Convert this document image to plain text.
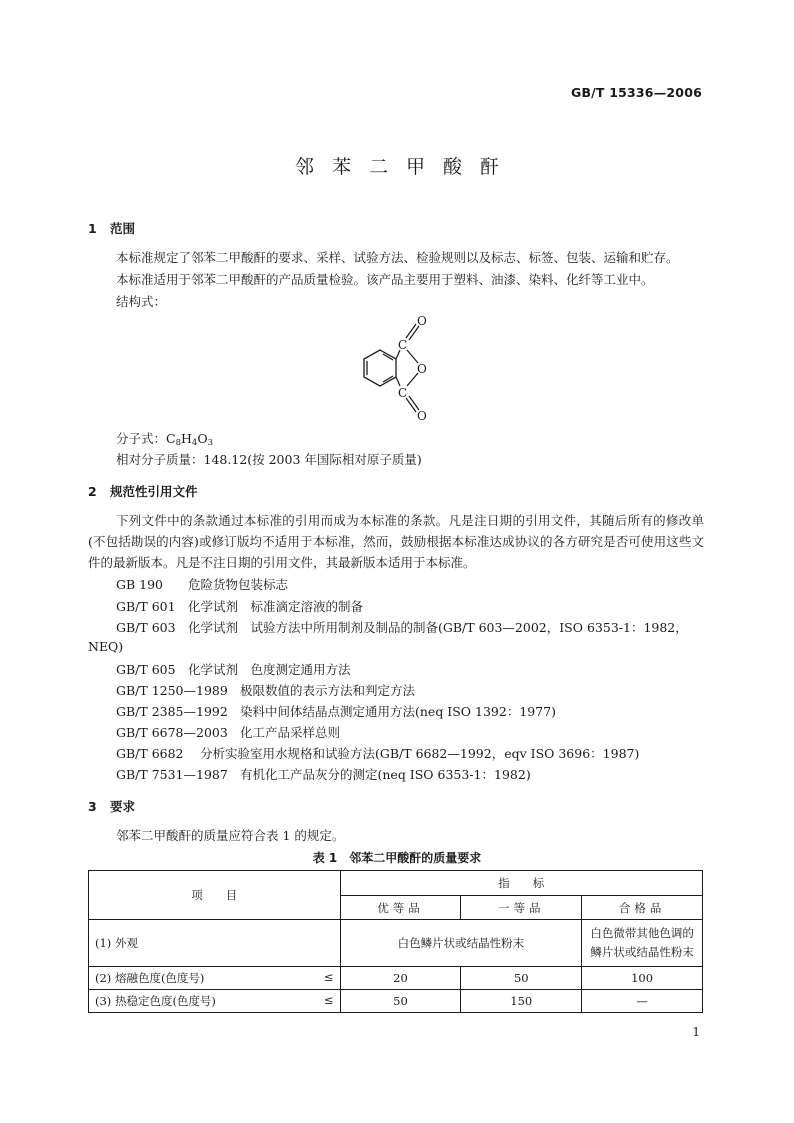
GB/T 15336—2006
邻苯二甲酸酐
1 范围
本标准规定了邻苯二甲酸酐的要求、采样、试验方法、检验规则以及标志、标签、包装、运输和贮存。
本标准适用于邻苯二甲酸酐的产品质量检验。该产品主要用于塑料、油漆、染料、化纤等工业中。
结构式：
O
C
O
C
O
分子式：$C_8H_4O_3$
相对分子质量：148.12(按 2003 年国际相对原子质量)
2 规范性引用文件
下列文件中的条款通过本标准的引用而成为本标准的条款。凡是注日期的引用文件，其随后所有的修改单(不包括勘误的内容)或修订版均不适用于本标准，然而，鼓励根据本标准达成协议的各方研究是否可使用这些文件的最新版本。凡是不注日期的引用文件，其最新版本适用于本标准。
GB 190 危险货物包装标志
GB/T 601 化学试剂　标准滴定溶液的制备
GB/T 603 化学试剂　试验方法中所用制剂及制品的制备(GB/T 603—2002，ISO 6353-1：1982，
NEQ)
GB/T 605 化学试剂　色度测定通用方法
GB/T 1250—1989 极限数值的表示方法和判定方法
GB/T 2385—1992 染料中间体结晶点测定通用方法(neq ISO 1392：1977)
GB/T 6678—2003 化工产品采样总则
GB/T 6682 分析实验室用水规格和试验方法(GB/T 6682—1992，eqv ISO 3696：1987)
GB/T 7531—1987 有机化工产品灰分的测定(neq ISO 6353-1：1982)
3 要求
邻苯二甲酸酐的质量应符合表 1 的规定。
表 1　邻苯二甲酸酐的质量要求
项　　目	指　　标		
	优等品	一等品	合格品
(1) 外观	白色鳞片状或结晶性粉末		白色微带其他色调的
鳞片状或结晶性粉末

(2) 熔融色度(色度号) ≤	20	50	100
(3) 热稳定色度(色度号) ≤	50	150	—
1
